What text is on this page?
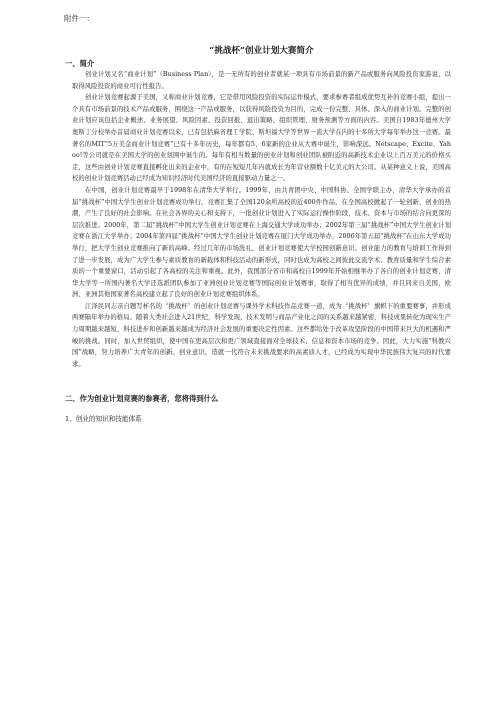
附件一：
“挑战杯”创业计划大赛简介
一、简介

创业计划又名“商业计划”（Business Plan），是一无所有的创业者就某一项具有市场前景的新产品或服务向风险投资家游说，以取得风险投资的商业可行性报告。

创业计划竞赛起源于美国，又称商业计划竞赛，它是借用风险投资的实际运作模式，要求参赛者组成优势互补的竞赛小组，提出一个具有市场前景的技术产品或服务，围绕这一产品或服务，以获得风险投资为目的，完成一份完整、具体、深入的商业计划。完整的创业计划应该包括企业概述、业务展望、风险因素、投资回报、退出策略、组织管理、财务预测等方面的内容。美国自1983年德州大学奥斯丁分校举办首届商业计划竞赛以来，已有包括麻省理工学院、斯坦福大学等世界一流大学在内的十多所大学每年举办这一竞赛。最著名的MIT“5万美金商业计划竞赛”已有十多年历史，每年都有5、6家新的企业从大赛中诞生，影响深远。Netscape、Excite、Yahoo!等公司就是在美国大学的创业氛围中诞生的。每年有相当数量的创业计划和创业团队被附近的高新技术企业以上百万美元的价格买走，这些由创业计划竞赛直接孵化出来的企业中，有的在短短几年内就成长为年营业额数十亿美元的大公司。从某种意义上说，美国高校的创业计划竞赛活动已经成为知识经济时代美国经济的直接驱动力量之一。

在中国，创业计划竞赛最早于1998年在清华大学举行。1999年，由共青团中央、中国科协、全国学联主办，清华大学承办的首届“挑战杯”中国大学生创业计划竞赛成功举行。竞赛汇集了全国120余所高校的近400件作品，在全国高校掀起了一轮创新、创业的热潮，产生了良好的社会影响。在社会各界的关心和支持下，一批创业计划进入了实际运行操作阶段，技术、资本与市场的结合向更深的层次推进。2000年，第二届“挑战杯”中国大学生创业计划竞赛在上海交通大学成功举办；2002年第三届“挑战杯”中国大学生创业计划竞赛在浙江大学举办；2004年第四届“挑战杯”中国大学生创业计划竞赛在厦门大学成功举办，2006年第五届“挑战杯”在山东大学成功举行，把大学生创业竞赛推向了新的高峰。经过几年的市场洗礼，创业计划竞赛使大学校园创新意识、创业能力的教育与培训工作得到了进一步发展，成为广大学生参与素质教育的新载体和科技活动的新形式，同时也成为高校之间彼此交流学术、教育质量和学生综合素质的一个重要窗口，活动引起了各高校的关注和重视。此外，我国部分省市和高校自1999年开始相继举办了各自的创业计划竞赛，清华大学等一所国内著名大学还选派团队参加了亚洲创业计划竞赛等国际创业计划赛事，取得了相当优异的成绩，并且同来自美国、欧洲、亚洲其他国家著名高校建立起了良好的创业计划竞赛组织体系。

江泽民同志亲自题写杯名的〝挑战杯〞的创业计划竞赛与课外学术科技作品竞赛一道，成为〝挑战杯〞旗帜下的重要赛事，并形成两赛隔年举办的格局。随着人类社会进入21世纪，科学发现、技术发明与商品产业化之间的关系越来越紧密，科技成果转化为现实生产力周期越来越短，科技进步和创新越来越成为经济社会发展的重要决定性因素。这些都给处于改革攻坚阶段的中国带来巨大的机遇和严峻的挑战。同时，加入世贸组织，使中国在更高层次和更广领域直接面对全球技术、信息和资本市场的竞争。因此，大力实施“科教兴国”战略，努力培养广大青年的创新、创业意识，造就一代符合未来挑战要求的高素质人才，已经成为实现中华民族伟大复兴的时代要求。

二、作为创业计划竞赛的参赛者，您将得到什么
1、创业的知识和技能体系
